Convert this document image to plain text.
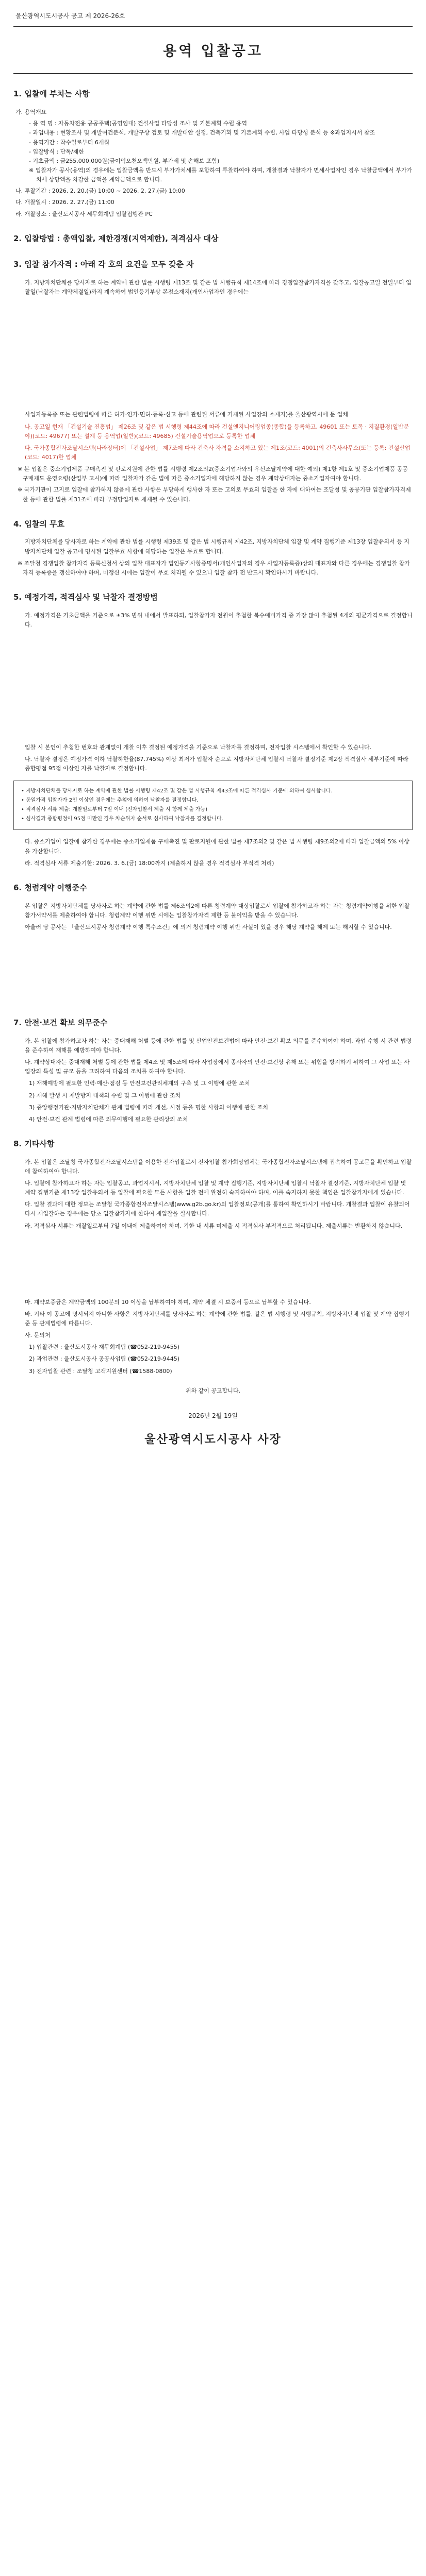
울산광역시도시공사 공고 제 2026-26호
용역 입찰공고
1. 입찰에 부치는 사항
가. 용역개요
- 용 역 명 : 자동차전용 공공주택(공영임대) 건설사업 타당성 조사 및 기본계획 수립 용역
- 과업내용 : 현황조사 및 개발여건분석, 개발구상 검토 및 개발대안 설정, 건축기획 및 기본계획 수립, 사업 타당성 분석 등 ※과업지시서 참조
- 용역기간 : 착수일로부터 6개월
- 입찰방식 : 단독/제한
- 기초금액 : 금255,000,000원(금이억오천오백만원, 부가세 및 손해보 포함)
※ 입찰자가 공사(용역)의 경우에는 입찰금액을 반드시 부가가치세를 포함하여 투찰하여야 하며, 개찰결과 낙찰자가 면세사업자인 경우 낙찰금액에서 부가가치세 상당액을 차감한 금액을 계약금액으로 합니다.
나. 투찰기간 : 2026. 2. 20.(금) 10:00 ~ 2026. 2. 27.(금) 10:00
다. 개찰일시 : 2026. 2. 27.(금) 11:00
라. 개찰장소 : 울산도시공사 세무회계팀 입찰집행관 PC
2. 입찰방법 : 총액입찰, 제한경쟁(지역제한), 적격심사 대상
3. 입찰 참가자격 : 아래 각 호의 요건을 모두 갖춘 자

가. 지방자치단체를 당사자로 하는 계약에 관한 법률 시행령 제13조 및 같은 법 시행규칙 제14조에 따라 경쟁입찰참가자격을 갖추고, 입찰공고일 전일부터 입찰일(낙찰자는 계약체결일)까지 계속하여 법인등기부상 본점소재지(개인사업자인 경우에는

사업자등록증 또는 관련법령에 따른 허가·인가·면허·등록·신고 등에 관련된 서류에 기재된 사업장의 소재지)를 울산광역시에 둔 업체

나. 공고일 현재 「건설기술 진흥법」 제26조 및 같은 법 시행령 제44조에 따라 건설엔지니어링업종(종합)을 등록하고, 49601 또는 토목 · 지질환경(일반분야)(코드: 49677) 또는 설계 등 용역업(일반)(코드: 49685) 건설기술용역업으로 등록한 업체

다. 국가종합전자조달시스템(나라장터)에 「건설사업」 제7조에 따라 건축사 자격을 소지하고 있는 제1조(코드: 4001)의 건축사사무소(또는 등록: 건설산업(코드: 4017)한 업체

※ 본 입찰은 중소기업제품 구매촉진 및 판로지원에 관한 법률 시행령 제2조의2(중소기업자와의 우선조달계약에 대한 예외) 제1항 제1호 및 중소기업제품 공공구매제도 운영요령(산업부 고시)에 따라 입찰자가 같은 법에 따른 중소기업자에 해당하지 않는 경우 계약상대자는 중소기업자여야 합니다.

※ 국가기관이 고지로 입찰에 참가하지 않음에 관한 사항은 부당하게 행사한 자 또는 고의로 무효의 입찰을 한 자에 대하여는 조달청 및 공공기관 입찰참가자격제한 등에 관한 법률 제31조에 따라 부정당업자로 제재될 수 있습니다.

4. 입찰의 무효

지방자치단체를 당사자로 하는 계약에 관한 법률 시행령 제39조 및 같은 법 시행규칙 제42조, 지방자치단체 입찰 및 계약 집행기준 제13장 입찰유의서 등 지방자치단체 입찰 공고에 명시된 입찰무효 사항에 해당하는 입찰은 무효로 합니다.

※ 조달청 경쟁입찰 참가자격 등록신청서 상의 입찰 대표자가 법인등기사항증명서(개인사업자의 경우 사업자등록증)상의 대표자와 다른 경우에는 경쟁입찰 참가자격 등록증을 갱신하여야 하며, 미갱신 시에는 입찰이 무효 처리될 수 있으니 입찰 참가 전 반드시 확인하시기 바랍니다.

5. 예정가격, 적격심사 및 낙찰자 결정방법

가. 예정가격은 기초금액을 기준으로 ±3% 범위 내에서 발표하되, 입찰참가자 전원이 추첨한 복수예비가격 중 가장 많이 추첨된 4개의 평균가격으로 결정합니다.

입찰 시 본인이 추첨한 번호와 관계없이 개찰 이후 결정된 예정가격을 기준으로 낙찰자를 결정하며, 전자입찰 시스템에서 확인할 수 있습니다.

나. 낙찰자 결정은 예정가격 이하 낙찰하한율(87.745%) 이상 최저가 입찰자 순으로 지방자치단체 입찰시 낙찰자 결정기준 제2장 적격심사 세부기준에 따라 종합평점 95점 이상인 자를 낙찰자로 결정합니다.

• 지방자치단체를 당사자로 하는 계약에 관한 법률 시행령 제42조 및 같은 법 시행규칙 제43조에 따른 적격심사 기준에 의하여 심사합니다.

• 동일가격 입찰자가 2인 이상인 경우에는 추첨에 의하여 낙찰자를 결정합니다.

• 적격심사 서류 제출: 개찰일로부터 7일 이내 (전자입찰서 제출 시 함께 제출 가능)

• 심사결과 종합평점이 95점 미만인 경우 차순위자 순서로 심사하여 낙찰자를 결정합니다.

다. 중소기업이 입찰에 참가한 경우에는 중소기업제품 구매촉진 및 판로지원에 관한 법률 제7조의2 및 같은 법 시행령 제9조의2에 따라 입찰금액의 5% 이상을 가산합니다.

라. 적격심사 서류 제출기한: 2026. 3. 6.(금) 18:00까지 (제출하지 않을 경우 적격심사 부적격 처리)

6. 청렴계약 이행준수

본 입찰은 지방자치단체를 당사자로 하는 계약에 관한 법률 제6조의2에 따른 청렴계약 대상입찰로서 입찰에 참가하고자 하는 자는 청렴계약이행을 위한 입찰참가서약서를 제출하여야 합니다. 청렴계약 이행 위반 시에는 입찰참가자격 제한 등 불이익을 받을 수 있습니다.

아울러 당 공사는 「울산도시공사 청렴계약 이행 특수조건」에 의거 청렴계약 이행 위반 사실이 있을 경우 해당 계약을 해제 또는 해지할 수 있습니다.

7. 안전·보건 확보 의무준수

가. 본 입찰에 참가하고자 하는 자는 중대재해 처벌 등에 관한 법률 및 산업안전보건법에 따라 안전·보건 확보 의무를 준수하여야 하며, 과업 수행 시 관련 법령을 준수하여 재해를 예방하여야 합니다.

나. 계약상대자는 중대재해 처벌 등에 관한 법률 제4조 및 제5조에 따라 사업장에서 종사자의 안전·보건상 유해 또는 위험을 방지하기 위하여 그 사업 또는 사업장의 특성 및 규모 등을 고려하여 다음의 조치를 하여야 합니다.

1) 재해예방에 필요한 인력·예산·점검 등 안전보건관리체계의 구축 및 그 이행에 관한 조치

2) 재해 발생 시 재발방지 대책의 수립 및 그 이행에 관한 조치

3) 중앙행정기관·지방자치단체가 관계 법령에 따라 개선, 시정 등을 명한 사항의 이행에 관한 조치

4) 안전·보건 관계 법령에 따른 의무이행에 필요한 관리상의 조치

8. 기타사항

가. 본 입찰은 조달청 국가종합전자조달시스템을 이용한 전자입찰로서 전자입찰 참가희망업체는 국가종합전자조달시스템에 접속하여 공고문을 확인하고 입찰에 참여하여야 합니다.

나. 입찰에 참가하고자 하는 자는 입찰공고, 과업지시서, 지방자치단체 입찰 및 계약 집행기준, 지방자치단체 입찰시 낙찰자 결정기준, 지방자치단체 입찰 및 계약 집행기준 제13장 입찰유의서 등 입찰에 필요한 모든 사항을 입찰 전에 완전히 숙지하여야 하며, 이를 숙지하지 못한 책임은 입찰참가자에게 있습니다.

다. 입찰 결과에 대한 정보는 조달청 국가종합전자조달시스템(www.g2b.go.kr)의 입찰정보(공개)를 통하여 확인하시기 바랍니다. 개찰결과 입찰이 유찰되어 다시 재입찰하는 경우에는 당초 입찰참가자에 한하여 재입찰을 실시합니다.

라. 적격심사 서류는 개찰일로부터 7일 이내에 제출하여야 하며, 기한 내 서류 미제출 시 적격심사 부적격으로 처리됩니다. 제출서류는 반환하지 않습니다.

마. 계약보증금은 계약금액의 100분의 10 이상을 납부하여야 하며, 계약 체결 시 보증서 등으로 납부할 수 있습니다.

바. 기타 이 공고에 명시되지 아니한 사항은 지방자치단체를 당사자로 하는 계약에 관한 법률, 같은 법 시행령 및 시행규칙, 지방자치단체 입찰 및 계약 집행기준 등 관계법령에 따릅니다.

사. 문의처

1) 입찰관련 : 울산도시공사 재무회계팀 (☎052-219-9455)

2) 과업관련 : 울산도시공사 공공사업팀 (☎052-219-9445)

3) 전자입찰 관련 : 조달청 고객지원센터 (☎1588-0800)

위와 같이 공고합니다.
2026년 2월 19일
울산광역시도시공사 사장
